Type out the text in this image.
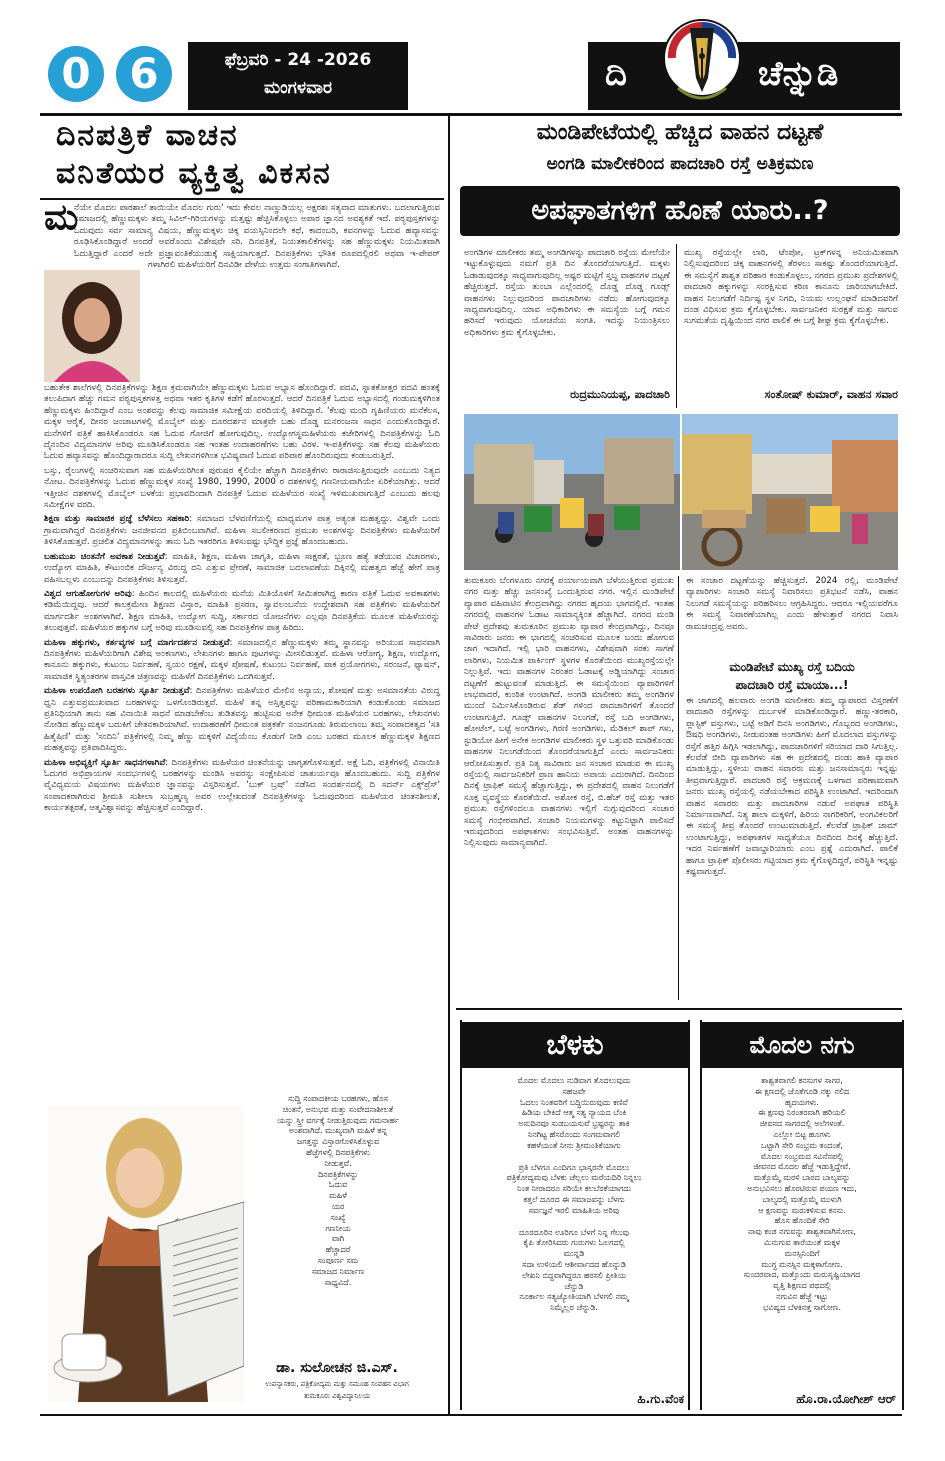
0 6	ಫೆಬ್ರವರಿ - 24 -2026
ಮಂಗಳವಾರ	ದಿ	ಚೆನ್ನುಡಿ
ದಿನಪತ್ರಿಕೆ ವಾಚನ
ವನಿತೆಯರ ವ್ಯಕ್ತಿತ್ವ ವಿಕಸನ
ಮ
ನೆಯೇ ಮೊದಲ ಪಾಠಶಾಲೆ ತಾಯಿಯೇ ಮೊದಲ ಗುರು' ಇದು ಕೇವಲ ನಾಣ್ಣುಡಿಯಲ್ಲ ಅಕ್ಷರಶಃ ಸತ್ಯವಾದ ಮಾತುಗಳು. ಬದಲಾಗುತ್ತಿರುವ ಸಮಾಜದಲ್ಲಿ ಹೆಣ್ಣುಮಕ್ಕಳು ತಮ್ಮ ಸಿವಿಲ್-ಗಿರಿಯಗಳನ್ನು ಮತ್ತಷ್ಟು ಹೆಚ್ಚಿಸಿಕೊಳ್ಳಲು ಅಪಾರ ಜ್ಞಾನದ ಅವಶ್ಯಕತೆ ಇದೆ. ಪಠ್ಯಪುಸ್ತಕಗಳನ್ನು ಓದುವುದು ಸರ್ವ ಸಾಮಾನ್ಯ ವಿಷಯ, ಹೆಣ್ಣುಮಕ್ಕಳು ಚಿಕ್ಕ ವಯಸ್ಸಿನಿಂದಲೇ ಕಥೆ, ಕಾದಂಬರಿ, ಕವನಗಳನ್ನು ಓದುವ ಹವ್ಯಾಸವನ್ನು ರೂಢಿಸಿಕೊಂಡಿದ್ದಾರೆ ಅಂದರೆ ಅವರೊಂದು ವಿಶೇಷವೇ ಸರಿ. ದಿನಪತ್ರಿಕೆ, ನಿಯತಕಾಲಿಕೆಗಳನ್ನು ಸಹ ಹೆಣ್ಣುಮಕ್ಕಳು ನಿಯಮಿತವಾಗಿ ಓದುತ್ತಿದ್ದಾರೆ ಎಂದರೆ ಅದೇ ಪ್ರಜ್ಞಾವಂತಿಕೆಯುಡುಕ್ಕೆ ಸಾಕ್ಷಿಯಾಗುತ್ತದೆ. ದಿನಪತ್ರಿಕೆಗಳು ಭೌತಿಕ ರೂಪದಲ್ಲಿರಲಿ ಅಥವಾ ಇ-ಪೇಪರ್ ಗಳಾಗಿರಲಿ ಮಹಿಳೆಯರಿಗೆ ದಿನವಿಡೀ ವೇಳೆಯ ಉತ್ತಮ ಸಂಗಾತಿಗಳಾಗಿವೆ.

ಬಹುತೇಕ ಶಾಲೆಗಳಲ್ಲಿ ದಿನಪತ್ರಿಕೆಗಳನ್ನು ಶಿಕ್ಷಣ ಕ್ರಮವಾಗಿಯೇ ಹೆಣ್ಣುಮಕ್ಕಳು ಓದುವ ಅಭ್ಯಾಸ ಹೊಂದಿದ್ದಾರೆ. ಪದವಿ, ಸ್ನಾತಕೋತ್ತರ ಪದವಿ ಹಂತಕ್ಕೆ ತಲುಪಿದಾಗ ಹೆಚ್ಚು ಗಮನ ಪಠ್ಯಪುಸ್ತಕಗಳತ್ತ ಅಥವಾ ಇತರ ಕೃತಿಗಳ ಕಡೆಗೆ ಹೊರಳುತ್ತದೆ. ಆದರೆ ದಿನಪತ್ರಿಕೆ ಓದುವ ಅಭ್ಯಾಸದಲ್ಲಿ ಗಂಡುಮಕ್ಕಳಿಗಿಂತ ಹೆಣ್ಣುಮಕ್ಕಳು ಹಿಂದಿದ್ದಾರೆ ಎಂಬ ಅಂಶವನ್ನು ಕೆಲವು ಸಾಮಾಜಿಕ ಸಮೀಕ್ಷೆಯ ವರದಿಯಲ್ಲಿ ತಿಳಿದಿದ್ದಾರೆ. 'ಕೆಲವು ಮಂದಿ ಗೃಹಿಣಿಯರು ಮನೆಕೆಲಸ, ಮಕ್ಕಳ ಆರೈಕೆ, ದೀನರ ಜಂಜಾಟಗಳಲ್ಲಿ ಮೊಬೈಲ್ ಮತ್ತು ದೂರದರ್ಶನ ಮಾತ್ರವೇ ಬಹು ದೊಡ್ಡ ಮನರಂಜನಾ ಸಾಧನ ಎಂದುಕೊಂಡಿದ್ದಾರೆ. ಮನೆಗಳಿಗೆ ಪತ್ರಿಕೆ ಹಾಕಿಸಿಕೊಂಡರೂ ಸಹ ಓದುವ ಗೋಜಿಗೆ ಹೋಗುವುದಿಲ್ಲ. ಉದ್ಯೋಗಸ್ಥಮಹಿಳೆಯರು ಕಚೇರಿಗಳಲ್ಲಿ ದಿನಪತ್ರಿಕೆಗಳನ್ನು ಓದಿ ದೈನಂದಿನ ವಿದ್ಯಮಾನಗಳ ಅರಿವು ಮೂಡಿಸಿಕೊಂಡರೂ ಸಹ ಇಂತಹ ಉದಾಹರಣೆಗಳು ಬಹು ವಿರಳ. ಇ-ಪತ್ರಿಕೆಗಳನ್ನು ಸಹ ಕೆಲವು ಮಹಿಳೆಯರು ಓದುವ ಹವ್ಯಾಸವನ್ನು ಹೊಂದಿದ್ದಾರಾದರೂ ಸುದ್ದಿ ಲೇಖನಗಳಿಗಿಂತ ಭವಿಷ್ಯವಾಣಿ ಓದುವ ಪರಿಪಾಠ ಹೊಂದಿರುವುದು ಕಂಡುಬರುತ್ತಿದೆ.

ಬಸ್ಸು, ರೈಲುಗಳಲ್ಲಿ ಸಂಚರಿಸುವಾಗ ಸಹ ಮಹಿಳೆಯರಿಗಿಂತ ಪುರುಷರ ಕೈಲಿಯೇ ಹೆಚ್ಚಾಗಿ ದಿನಪತ್ರಿಕೆಗಳು ರಾರಾಜಿಸುತ್ತಿರುವುದೇ ಎಂಬುದು ನಿತ್ಯದ ನೋಟ. ದಿನಪತ್ರಿಕೆಗಳನ್ನು ಓದುವ ಹೆಣ್ಣುಮಕ್ಕಳ ಸಂಖ್ಯೆ 1980, 1990, 2000 ರ ದಶಕಗಳಲ್ಲಿ ಗಣನೀಯವಾಗಿಯೇ ಏರಿಕೆಯಾಗಿತ್ತು. ಆದರೆ ಇತ್ತೀಚಿನ ದಶಕಗಳಲ್ಲಿ ಮೊಬೈಲ್ ಬಳಕೆಯ ಪ್ರಭಾವದಿಂದಾಗಿ ದಿನಪತ್ರಿಕೆ ಓದುವ ಮಹಿಳೆಯರ ಸಂಖ್ಯೆ ಇಳಿಮುಖವಾಗುತ್ತಿದೆ ಎಂಬುದು ಹಲವು ಸಮೀಕ್ಷೆಗಳ ವರದಿ.

ಶಿಕ್ಷಣ ಮತ್ತು ಸಾಮಾಜಿಕ ಪ್ರಜ್ಞೆ ಬೆಳೆಸಲು ಸಹಕಾರಿ: ಸಮಾಜದ ಬೆಳವಣಿಗೆಯಲ್ಲಿ ಮಾಧ್ಯಮಗಳ ಪಾತ್ರ ಅತ್ಯಂತ ಮಹತ್ವದ್ದು. ವಿಶ್ವವೇ ಒಂದು ಗ್ರಾಮವಾಗಿದ್ದರೆ ದಿನಪತ್ರಿಕೆಗಳು ಜನಜೀವನದ ಪ್ರತಿಬಿಂಬವಾಗಿವೆ. ಮಹಿಳಾ ಸಬಲೀಕರಣದ ಪ್ರಮುಖ ಅಂಶಗಳನ್ನು ದಿನಪತ್ರಿಕೆಗಳು ಮಹಿಳೆಯರಿಗೆ ತಿಳಿಸಿಕೊಡುತ್ತವೆ. ಪ್ರಚಲಿತ ವಿದ್ಯಮಾನಗಳನ್ನು ತಾನು ಓದಿ ಇತರರಿಗೂ ತಿಳಿಸುವಷ್ಟು ಭೌದ್ಧಿಕ ಪ್ರಜ್ಞೆ ಹೊಂದಬಹುದು.

ಬಹುಮುಖ ಚಿಂತನೆಗೆ ಅವಕಾಶ ನೀಡುತ್ತವೆ: ಮಾಹಿತಿ, ಶಿಕ್ಷಣ, ಮಹಿಳಾ ಜಾಗೃತಿ, ಮಹಿಳಾ ಸಾಕ್ಷರತೆ, ಭ್ರೂಣ ಹತ್ಯೆ ತಡೆಯುವ ವಿಚಾರಗಳು, ಉದ್ಯೋಗ ಮಾಹಿತಿ, ಕೌಟುಂಬಿಕ ದೌರ್ಜನ್ಯ ವಿರುದ್ಧ ದನಿ ಎತ್ತುವ ಪ್ರೇರಣೆ, ಸಾಮಾಜಿಕ ಬದಲಾವಣೆಯ ದಿಕ್ಕಿನಲ್ಲಿ ಮಹತ್ವದ ಹೆಜ್ಜೆ ಹೇಗೆ ಪಾತ್ರ ವಹಿಸಬಲ್ಲಳು ಎಂಬುದನ್ನು ದಿನಪತ್ರಿಕೆಗಳು ತಿಳಿಸುತ್ತವೆ.

ವಿಶ್ವದ ಆಗುಹೋಗುಗಳ ಅರಿವು: ಹಿಂದಿನ ಕಾಲದಲ್ಲಿ ಮಹಿಳೆಯರು ಮನೆಯ ಮಿತಿಯೊಳಗೆ ಸೀಮಿತರಾಗಿದ್ದ ಕಾರಣ ಪತ್ರಿಕೆ ಓದುವ ಅವಕಾಶಗಳು ಕಡಿಮೆಯಿದ್ದವು. ಆದರೆ ಕಾಲಕ್ರಮೇಣ ಶಿಕ್ಷಣದ ವಿಸ್ತಾರ, ಮಾಹಿತಿ ಪ್ರಸರಣ, ಸ್ವಾವಲಂಬನೆಯ ಉದ್ದೇಶವಾಗಿ ಸಹ ಪತ್ರಿಕೆಗಳು ಮಹಿಳೆಯರಿಗೆ ಮಾರ್ಗದರ್ಶಿ ಅಂಶಗಳಾಗಿವೆ. ಶಿಕ್ಷಣ ಮಾಹಿತಿ, ಉದ್ಯೋಗ ಸುದ್ದಿ, ಸರ್ಕಾರದ ಯೋಜನೆಗಳು ಎಲ್ಲವೂ ದಿನಪತ್ರಿಕೆಯ ಮೂಲಕ ಮಹಿಳೆಯರನ್ನು ತಲುಪುತ್ತವೆ. ಮಹಿಳೆಯರ ಹಕ್ಕುಗಳ ಬಗ್ಗೆ ಅರಿವು ಮೂಡಿಸುವಲ್ಲಿ ಸಹ ದಿನಪತ್ರಿಕೆಗಳ ಪಾತ್ರ ಹಿರಿದು.

ಮಹಿಳಾ ಹಕ್ಕುಗಳು, ಕರ್ತವ್ಯಗಳ ಬಗ್ಗೆ ಮಾರ್ಗದರ್ಶನ ನೀಡುತ್ತವೆ: ಸಮಾಜದಲ್ಲಿನ ಹೆಣ್ಣುಮಕ್ಕಳು ತಮ್ಮ ಸ್ಥಾನವನ್ನು ಅರಿಯುವ ಸಾಧನವಾಗಿ ದಿನಪತ್ರಿಕೆಗಳು ಮಹಿಳೆಯರಿಗಾಗಿ ವಿಶೇಷ ಅಂಕಣಗಳು, ಲೇಖನಗಳು ಹಾಗೂ ಪುಟಗಳನ್ನು ಮೀಸಲಿಡುತ್ತವೆ. ಮಹಿಳಾ ಆರೋಗ್ಯ, ಶಿಕ್ಷಣ, ಉದ್ಯೋಗ, ಕಾನೂನು ಹಕ್ಕುಗಳು, ಕುಟುಂಬ ನಿರ್ವಹಣೆ, ಸ್ವಯಂ ರಕ್ಷಣೆ, ಮಕ್ಕಳ ಪೋಷಣೆ, ಕುಟುಂಬ ನಿರ್ವಹಣೆ, ಪಾಕ ಪ್ರಯೋಗಗಳು, ಸರಂಜನೆ, ಫ್ಯಾಷನ್, ಸಾಮಾಜಿಕ ಸ್ಥಿತ್ಯಂತರಗಳ ವಾಸ್ತವಿಕ ಚಿತ್ರಣವನ್ನು ಮಹಿಳೆಗೆ ದಿನಪತ್ರಿಕೆಗಳು ಒದಗಿಸುತ್ತವೆ.

ಮಹಿಳಾ ಉಪಯೋಗಿ ಬರಹಗಳು ಸ್ಫೂರ್ತಿ ನೀಡುತ್ತವೆ: ದಿನಪತ್ರಿಕೆಗಳು ಮಹಿಳೆಯರ ಮೇಲಿನ ಅನ್ಯಾಯ, ಶೋಷಣೆ ಮತ್ತು ಅಸಮಾನತೆಯ ವಿರುದ್ಧ ಧ್ವನಿ ಎತ್ತುವಪ್ರಮುಖವಾದ ಬರಹಗಳನ್ನು ಒಳಗೊಂಡಿರುತ್ತವೆ. ಮಹಿಳೆ ತನ್ನ ಅಸ್ತಿತ್ವವನ್ನು ಪರಿಣಾಮಕಾರಿಯಾಗಿ ಕಂಡುಕೊಂಡು ಸಮಾಜದ ಪ್ರತಿನಿಧಿಯಾಗಿ ತಾನು ಸಹ ವಿನಾಯಿತಿ ಸಾಧನೆ ಮಾಡಬೇಕೆಂಬ ತುಡಿತವನ್ನು ಹುಟ್ಟಿಸುವ ಅನೇಕ ಧೀಮಂತ ಮಹಿಳೆಯರ ಬರಹಗಳು, ಲೇಖನಗಳು ನೋಡಿದ ಹೆಣ್ಣುಮಕ್ಕಳ ಬದುಕಿಗೆ ಚೇತನಕಾರಿಯಾಗಿವೆ. ಉದಾಹರಣೆಗೆ ಧೀಮಂತ ಪತ್ರಕರ್ತೆ ನಂಜನಗೂಡು ತಿರುಮಲಾಂಬ ತಮ್ಮ ಸಂಪಾದಕತ್ವದ 'ಸತಿ ಹಿತೈಷಿಣಿ' ಮತ್ತು 'ಸಂದಿನಿ' ಪತ್ರಿಕೆಗಳಲ್ಲಿ ನಿಮ್ಮ ಹೆಣ್ಣು ಮಕ್ಕಳಿಗೆ ವಿದ್ಯೆಯೆಂಬ ಕೊಡುಗೆ ನೀಡಿ ಎಂಬ ಬರಹದ ಮೂಲಕ ಹೆಣ್ಣುಮಕ್ಕಳ ಶಿಕ್ಷಣದ ಮಹತ್ವವನ್ನು ಪ್ರತಿಪಾದಿಸಿದ್ದರು.

ಮಹಿಳಾ ಅಭಿವ್ಯಕ್ತಿಗೆ ಸ್ಫೂರ್ತಿ ಸಾಧನಗಳಾಗಿವೆ: ದಿನಪತ್ರಿಕೆಗಳು ಮಹಿಳೆಯರ ಚಿಂತನೆಯನ್ನು ಜಾಗೃತಗೊಳಿಸುತ್ತವೆ. ಅಕ್ಷೆ ಓದಿ, ಪತ್ರಿಕೆಗಳಲ್ಲಿ ವಿನಾಯಿತಿ ಓದುಗರ ಅಭಿಪ್ರಾಯಗಳ ಸಂದರ್ಭಗಳಲ್ಲಿ ಬರಹಗಳನ್ನು ಮಂಡಿಸಿ ಅವರನ್ನು ಸಂಕ್ಷೇಪಿಸುವ ಚಾತುರ್ಯವೂ ಹೊಂದಬಹುದು. ಸುದ್ದಿ ಪತ್ರಿಕೆಗಳ ವೈವಿಧ್ಯಮಯ ವಿಷಯಗಳು ಮಹಿಳೆಯರ ಜ್ಞಾನವನ್ನು ವಿಸ್ತರಿಸುತ್ತವೆ. 'ಬುಕ್ ಬ್ರಷ್' ನಡೆಸಿದ ಸಂದರ್ಶನದಲ್ಲಿ ದಿ ಸದರ್ನ್ ಎಕ್ಸ್‌ಪ್ರೆಸ್' ಸಂಪಾದಕರಾಗಿರುವ ಶ್ರೀಮತಿ ಸುಶೀಲಾ ಸುಬ್ರಹ್ಮಣ್ಯ ಅವರ ಉಲ್ಲೇಖದಂತೆ ದಿನಪತ್ರಿಕೆಗಳನ್ನು ಓದುವುದರಿಂದ ಮಹಿಳೆಯರ ಚಿಂತನಶೀಲತೆ, ಕಾರ್ಯತತ್ಪರತೆ, ಆತ್ಮವಿಶ್ವಾಸವನ್ನು ಹೆಚ್ಚಿಸುತ್ತವೆ ಎಂದಿದ್ದಾರೆ.

ಸುದ್ದಿ ಸಂಪಾದಕೀಯ ಬರಹಗಳು, ಹೊಸ
ಚಿಂತನೆ, ಅನುಭವ ಮತ್ತು ಸಂವೇದನಾಶೀಲತೆ
ಯನ್ನು ಸ್ತ್ರೀ ವರ್ಗಕ್ಕೆ ನೀಡುತ್ತಿರುವುದು ಗಮನಾರ್ಹ
ಅಂಶವಾಗಿದೆ. ಮುಖ್ಯವಾಗಿ ಮಹಿಳೆ ತನ್ನ
ಜಗತ್ತನ್ನು ವಿಸ್ತಾರಗೊಳಿಸಿಕೊಳ್ಳುವ
ಹೆಜ್ಜೆಗಳಲ್ಲಿ ದಿನಪತ್ರಿಕೆಗಳು
ನೀಡುತ್ತವೆ.
ದಿನಪತ್ರಿಕೆಗಳನ್ನು
ಓದುವ
ಮಹಿಳೆ
ಯರ
ಸಂಖ್ಯೆ
ಗಣನೀಯ
ವಾಗಿ
ಹೆಚ್ಚಾದರೆ
ಸಂಪೂರ್ಣ ಸಮ
ಸಮಾಜದ ನಿರ್ಮಾಣ
ಸಾಧ್ಯವಿದೆ.
ಡಾ. ಸುಲೋಚನ ಜಿ.ಎಸ್.
ಉಪನ್ಯಾಸಕರು, ಪತ್ರಿಕೋದ್ಯಮ ಮತ್ತು ಸಮೂಹ ಸಂವಹನ ವಿಭಾಗ
ತುಮಕೂರು ವಿಶ್ವವಿದ್ಯಾನಿಲಯ
ಮಂಡಿಪೇಟೆಯಲ್ಲಿ ಹೆಚ್ಚಿದ ವಾಹನ ದಟ್ಟಣೆ
ಅಂಗಡಿ ಮಾಲೀಕರಿಂದ ಪಾದಚಾರಿ ರಸ್ತೆ ಅತಿಕ್ರಮಣ
ಅಪಘಾತಗಳಿಗೆ ಹೊಣೆ ಯಾರು..?
ಅಂಗಡಿಗಳ ಮಾಲೀಕರು ತಮ್ಮ ಅಂಗಡಿಗಳನ್ನು ಪಾದಚಾರಿ ರಸ್ತೆಯ ಮೇಲೆಯೇ ಇಟ್ಟುಕೊಳ್ಳುವುದು ನಮಗೆ ಪ್ರತಿ ದಿನ ತೊಂದರೆಯಾಗುತ್ತಿದೆ. ಮಕ್ಕಳು ಓಡಾಡುವುದಕ್ಕೂ ಸಾಧ್ಯವಾಗುವುದಿಲ್ಲ ಅಷ್ಟರ ಮಟ್ಟಿಗೆ ಸ್ತಬ್ಧ ವಾಹನಗಳ ದಟ್ಟಣೆ ಹೆಚ್ಚಿರುತ್ತದೆ. ರಸ್ತೆಯ ತುಂಬಾ ಎಲ್ಲೆಂದರಲ್ಲಿ ದೊಡ್ಡ ದೊಡ್ಡ ಗೂಡ್ಸ್ ವಾಹನಗಳು ನಿಲ್ಲುವುದರಿಂದ ಪಾದಚಾರಿಗಳು ನಡೆದು ಹೋಗುವುದಕ್ಕೂ ಸಾಧ್ಯವಾಗುವುದಿಲ್ಲ. ಯಾವ ಅಧಿಕಾರಿಗಳು ಈ ಸಮಸ್ಯೆಯ ಬಗ್ಗೆ ಗಮನ ಹರಿಸದೆ ಇರುವುದು ಯೋಚನೆಯ ಸಂಗತಿ. ಇದನ್ನು ನಿಯಂತ್ರಿಸಲು ಅಧಿಕಾರಿಗಳು ಕ್ರಮ ಕೈಗೊಳ್ಳಬೇಕು.
ರುದ್ರಮುನಿಯಪ್ಪ, ಪಾದಚಾರಿ
ಮುಖ್ಯ ರಸ್ತೆಯಲ್ಲೇ ಲಾರಿ, ಟೆಂಪೋ, ಟ್ರಕ್‌ಗಳನ್ನ ಅನಿಯಮಿತವಾಗಿ ನಿಲ್ಲಿಸುವುದರಿಂದ ಚಿಕ್ಕ ವಾಹನಗಳಲ್ಲಿ ತೆರಳಲು ಸಾಕಷ್ಟು ತೊಂದರೆಯಾಗುತ್ತಿದೆ. ಈ ಸಮಸ್ಯೆಗೆ ಶಾಶ್ವತ ಪರಿಹಾರ ಕಂಡುಕೊಳ್ಳಲು, ನಗರದ ಪ್ರಮುಖ ಪ್ರದೇಶಗಳಲ್ಲಿ ಪಾದಚಾರಿ ಹಕ್ಕುಗಳನ್ನು ಸಂರಕ್ಷಿಸುವ ಕಠಿಣ ಕಾನೂನು ಜಾರಿಯಾಗಬೇಕಿದೆ. ವಾಹನ ನಿಲುಗಡೆಗೆ ನಿರ್ದಿಷ್ಟ ಸ್ಥಳ ನಿಗದಿ, ನಿಯಮ ಉಲ್ಲಂಘನೆ ಮಾಡಿದವರಿಗೆ ದಂಡ ವಿಧಿಸುವ ಕ್ರಮ ಕೈಗೊಳ್ಳಬೇಕು. ಸಾರ್ವಜನಿಕರ ಸುರಕ್ಷತೆ ಮತ್ತು ಸಾಗುವ ಸುಗಮತೆಯ ದೃಷ್ಟಿಯಿಂದ ನಗರ ಪಾಲಿಕೆ ಈ ಬಗ್ಗೆ ಶೀಘ್ರ ಕ್ರಮ ಕೈಗೊಳ್ಳಬೇಕು.
ಸಂತೋಷ್ ಕುಮಾರ್, ವಾಹನ ಸವಾರ
ತುಮಕೂರು ಬೆಂಗಳೂರು ನಗರಕ್ಕೆ ಪರ್ಯಾಯವಾಗಿ ಬೆಳೆಯುತ್ತಿರುವ ಪ್ರಮುಖ ನಗರ ಮತ್ತು ಹೆಚ್ಚು ಜನಸಂಖ್ಯೆ ಒಂದುತ್ತಿರುವ ನಗರ. ಇಲ್ಲಿನ ಮಂಡಿಪೇಟೆ ವ್ಯಾಪಾರ ವಹಿವಾಟಿನ ಕೇಂದ್ರವಾಗಿದ್ದು ನಗರದ ಹೃದಯ ಭಾಗದಲ್ಲಿದೆ. ಇಂತಹ ನಗರದಲ್ಲಿ ವಾಹನಗಳ ಓಡಾಟ ಸಾಮಾನ್ಯಕ್ಕಿಂತ ಹೆಚ್ಚಾಗಿದೆ. ನಗರದ ಮಂಡಿ ಪೇಟೆ ಪ್ರದೇಶವು ತುಮಕೂರಿನ ಪ್ರಮುಖ ವ್ಯಾಪಾರ ಕೇಂದ್ರವಾಗಿದ್ದು, ದಿನವೂ ಸಾವಿರಾರು ಜನರು ಈ ಭಾಗದಲ್ಲಿ ಸಂಚರಿಸುವ ಮೂಲಕ ಬಂದು ಹೋಗುವ ಜಾಗ ಇದಾಗಿದೆ. ಇಲ್ಲಿ ಭಾರಿ ವಾಹನಗಳು, ವಿಶೇಷವಾಗಿ ಸರಕು ಸಾಗಣೆ ಲಾರಿಗಳು, ನಿಯಮಿತ ಪಾರ್ಕಿಂಗ್ ಸ್ಥಳಗಳ ಕೊರತೆಯಿಂದ ಮುಖ್ಯರಸ್ತೆಯಲ್ಲೇ ನಿಲ್ಲುತ್ತಿವೆ. ಇದು ವಾಹನಗಳ ನಿರಂತರ ಓಡಾಟಕ್ಕೆ ಅಡ್ಡಿಯಾಗಿದ್ದು ಸಂಚಾರ ದಟ್ಟಣೆಗೆ ಹುಟ್ಟುವಂತೆ ಮಾಡುತ್ತಿದೆ. ಈ ಸಮಸ್ಯೆಯಿಂದ ವ್ಯಾಪಾರಿಗಳಿಗೆ ಲಾಭವಾದರೆ, ಕುಂಠಿತ ಉಂಟಾಗಿದೆ. ಅಂಗಡಿ ಮಾಲೀಕರು ತಮ್ಮ ಅಂಗಡಿಗಳ ಮುಂದೆ ನಿರ್ಮಿಸಿಕೊಂಡಿರುವ ಶೆಡ್ ಗಳಿಂದ ಪಾದಚಾರಿಗಳಿಗೆ ತೊಂದರೆ ಉಂಟಾಗುತ್ತಿದೆ. ಗೂಡ್ಸ್ ವಾಹನಗಳ ನಿಲುಗಡೆ, ರಸ್ತೆ ಬದಿ ಅಂಗಡಿಗಳು, ಹೋಟೆಲ್, ಬಟ್ಟೆ ಅಂಗಡಿಗಳು, ಗಿರಣಿ ಅಂಗಡಿಗಳು, ಮೆಡಿಕಲ್ ಶಾಪ್ ಗಳು, ಸ್ಟುಡಿಯೋ ಹೀಗೆ ಅನೇಕ ಅಂಗಡಿಗಳ ಮಾಲೀಕರು ಸ್ಥಳ ಒತ್ತುವರಿ ಮಾಡಿಕೊಂಡು ವಾಹನಗಳ ನಿಲುಗಡೆಯಿಂದ ತೊಂದರೆಯಾಗುತ್ತಿದೆ ಎಂದು ಸಾರ್ವಜನಿಕರು ಆರೋಪಿಸುತ್ತಾರೆ. ಪ್ರತಿ ನಿತ್ಯ ಸಾವಿರಾರು ಜನ ಸಂಚಾರ ಮಾಡುವ ಈ ಮುಖ್ಯ ರಸ್ತೆಯಲ್ಲಿ ಸಾರ್ವಜನಿಕರಿಗೆ ಪ್ರಾಣ ಹಾನಿಯ ಅಪಾಯ ಎದುರಾಗಿದೆ. ದಿನದಿಂದ ದಿನಕ್ಕೆ ಟ್ರಾಫಿಕ್ ಸಮಸ್ಯೆ ಹೆಚ್ಚಾಗುತ್ತಿದ್ದು, ಈ ಪ್ರದೇಶದಲ್ಲಿ ವಾಹನ ನಿಲುಗಡೆಗೆ ಸೂಕ್ತ ವ್ಯವಸ್ಥೆಯ ಕೊರತೆಯಿದೆ. ಅಶೋಕ ರಸ್ತೆ, ಬಿ.ಹೆಚ್ ರಸ್ತೆ ಮತ್ತು ಇತರ ಪ್ರಮುಖ ರಸ್ತೆಗಳಿಂದಲೂ ವಾಹನಗಳು ಇಲ್ಲಿಗೆ ನುಗ್ಗುವುದರಿಂದ ಸಂಚಾರ ಸಮಸ್ಯೆ ಗಂಭೀರವಾಗಿದೆ. ಸಂಚಾರಿ ನಿಯಮಗಳನ್ನು ಕಟ್ಟುನಿಟ್ಟಾಗಿ ಪಾಲಿಸದೆ ಇರುವುದರಿಂದ ಅಪಘಾತಗಳು ಸಂಭವಿಸುತ್ತಿವೆ. ಅಂತಹ ವಾಹನಗಳನ್ನು ನಿಲ್ಲಿಸುವುದು ಸಾಮಾನ್ಯವಾಗಿದೆ.
ಈ ಸಂಚಾರ ದಟ್ಟಣೆಯನ್ನು ಹೆಚ್ಚಿಸುತ್ತದೆ. 2024 ರಲ್ಲಿ, ಮಂಡಿಪೇಟೆ ವ್ಯಾಪಾರಿಗಳು ಸಂಚಾರಿ ಸಮಸ್ಯೆ ನಿವಾರಿಸಲು ಪ್ರತಿಭಟನೆ ನಡೆಸಿ, ವಾಹನ ನಿಲುಗಡೆ ಸಮಸ್ಯೆಯನ್ನು ಪರಿಹರಿಸಲು ಆಗ್ರಹಿಸಿದ್ದರು. ಆದರೂ ಇಲ್ಲಿಯವರೆಗೂ ಈ ಸಮಸ್ಯೆ ನಿವಾರಣೆಯಾಗಿಲ್ಲ ಎಂದು ಹೇಳುತ್ತಾರೆ ನಗರದ ನಿವಾಸಿ ರಾಮಚಂದ್ರಪ್ಪ ಅವರು.
ಮಂಡಿಪೇಟೆ ಮುಖ್ಯ ರಸ್ತೆ ಬದಿಯ
ಪಾದಚಾರಿ ರಸ್ತೆ ಮಾಯಾ...!
ಈ ಜಾಗದಲ್ಲಿ ಹಲವಾರು ಅಂಗಡಿ ಮಾಲೀಕರು ತಮ್ಮ ವ್ಯಾಪಾರದ ವಿಸ್ತರಣೆಗೆ ಪಾದಚಾರಿ ರಸ್ತೆಗಳನ್ನು ದುರ್ಬಳಕೆ ಮಾಡಿಕೊಂಡಿದ್ದಾರೆ. ಹಣ್ಣು-ತರಕಾರಿ, ಪ್ಲಾಸ್ಟಿಕ್ ವಸ್ತುಗಳು, ಬಟ್ಟೆ ಅಡಿಗೆ ದಿನಸಿ ಅಂಗಡಿಗಳು, ಗೊಬ್ಬರದ ಅಂಗಡಿಗಳು, ಔಷಧಿ ಅಂಗಡಿಗಳು, ನೀಡುವಂತಹ ಅಂಗಡಿಗಳು ಹೀಗೆ ಮೊದಲಾದ ವಸ್ತುಗಳನ್ನು ರಸ್ತೆಗೆ ಹತ್ತಿರ ಹಿಗ್ಗಿಸಿ ಇಡಲಾಗಿದ್ದು, ಪಾದಚಾರಿಗಳಿಗೆ ಸರಿಯಾದ ದಾರಿ ಸಿಗುತ್ತಿಲ್ಲ. ಕೆಲವೆಡೆ ಬೀದಿ ವ್ಯಾಪಾರಿಗಳು ಸಹ ಈ ಪ್ರದೇಶದಲ್ಲಿ ದಂಡು ಹಾಕಿ ವ್ಯಾಪಾರ ಮಾಡುತ್ತಿದ್ದು, ಸ್ಥಳೀಯ ವಾಹನ ಸವಾರರು ಮತ್ತು ಜನಸಾಮಾನ್ಯರು ಇನ್ನಷ್ಟು ತೀವ್ರವಾಗುತ್ತಿದ್ದಾರೆ. ಪಾದಚಾರಿ ರಸ್ತೆ ಆಕ್ರಮಣಕ್ಕೆ ಒಳಗಾದ ಪರಿಣಾಮವಾಗಿ ಜನರು ಮುಖ್ಯ ರಸ್ತೆಯಲ್ಲಿ ನಡೆಯಬೇಕಾದ ಪರಿಸ್ಥಿತಿ ಉಂಟಾಗಿದೆ. ಇದರಿಂದಾಗಿ ವಾಹನ ಸವಾರರು ಮತ್ತು ಪಾದಚಾರಿಗಳ ನಡುವೆ ಅಪಘಾತ ಪರಿಸ್ಥಿತಿ ನಿರ್ಮಾಣವಾಗಿದೆ. ನಿತ್ಯ ಶಾಲಾ ಮಕ್ಕಳಿಗೆ, ಹಿರಿಯ ನಾಗರಿಕರಿಗೆ, ಅಂಗವಿಕಲರಿಗೆ ಈ ಸಮಸ್ಯೆ ತೀವ್ರ ತೊಂದರೆ ಉಂಟುಮಾಡುತ್ತಿದೆ. ಕೆಲವೆಡೆ ಟ್ರಾಫಿಕ್ ಜಾಮ್ ಉಂಟಾಗುತ್ತಿದ್ದು, ಅಪಘಾತಗಳ ಸಾಧ್ಯತೆಯೂ ದಿನದಿಂದ ದಿನಕ್ಕೆ ಹೆಚ್ಚುತ್ತಿದೆ. ಇದರ ನಿರ್ವಹಣೆಗೆ ಜವಾಬ್ದಾರಿಯಾರು ಎಂಬ ಪ್ರಶ್ನೆ ಎದುರಾಗಿದೆ. ಪಾಲಿಕೆ ಹಾಗೂ ಟ್ರಾಫಿಕ್ ಪೊಲೀಸರು ಗಟ್ಟಿಯಾದ ಕ್ರಮ ಕೈಗೊಳ್ಳದಿದ್ದರೆ, ಪರಿಸ್ಥಿತಿ ಇನ್ನಷ್ಟು ಕಷ್ಟವಾಗುತ್ತದೆ.
ಬೆಳಕು
ಮೊದಲ ಮೊದಲು ನುಡಿವಾಗ ತೊದಲುವುದು
ಸಹಜವೇ
ಓದಲು ನಿಂತವರಿಗೆ ಬದ್ಧಿಯಿರುವುದು ಕಣಿವೆ
ಹಿಡಿಯ ಬೇಕಿದೆ ಆತ್ಮ ಸತ್ಯ ನ್ಯಾಯದ ಬೆಂಕಿ
ಅನುದಿನವೂ ಸುಡಬಯಸುವೆ ಭ್ರಷ್ಟರನ್ನು ತಾಕಿ
ನಿನಗಿಟ್ಟ ಹೆಸರೊಂದು ಸಂಗಮವಾಗಲಿ
ಕಹಳೆಯಂತೆ ನೀನು ಶ್ರೀಮಂತಿಕೆಯಾಗು
ಪ್ರತಿ ಬೆಳಗೂ ಎಂದಿಗೂ ಭಾಸ್ಕರನೇ ಮೊದಲು
ಪತ್ರಿಕೋದ್ಯಮವು ಬೆಳಕು ಚೆಲ್ಲಲು ಮರೆಯದಿರಿ ನಿನ್ನಲು
ನಿಂತ ನೀರಾದರೂ ಸರಿಯೇ ಕಲಬೆರಕೆಯಾಗದು
ಕತ್ತಲೆ ದೂರದ ಈ ಸಮಾಜವನ್ನು ಬೆಳಗು
ಸರ್ವಜ್ಞನೆ ಇರಲಿ ಮಾಹಿತಿಯ ಅರಿವು
ದೂರದೂರಿನ ಊರಿಗೂ ಬೆಳಗೆ ನಿನ್ನ ಗೆಲುವು
ಕೈಪಿ ತೋರಿಸಿದರು ಗುರುಗಳು ಓಲಗದಲ್ಲಿ
ಮುನ್ನಡಿ
ಸದಾ ಉಳಿಯಲಿ ಆಶೀರ್ವಾದದ ಹೊನ್ನುಡಿ
ಲೇಖನಿ ಬಿದ್ದವಾಗಿದ್ದರೂ ಹರಸಲಿ ಪ್ರೀತಿಯ
ಚೆನ್ನುಡಿ
ನೂರ್ಕಾಲ ಸತ್ಯಜ್ಯೋತಿಯಾಗಿ ಬೆಳಗಲಿ ನಮ್ಮ
ನಿಮ್ಮೆಲ್ಲರ ಚೆನ್ನುಡಿ.
ಹಿ.ಗು.ವೆಂಕ
ಮೊದಲ ನಗು
ಶಾಶ್ವತವಾಗಲಿ ಕನಸುಗಳ ಸಾಗರ,
ಈ ಕ್ಷಣದಲ್ಲಿ ಜೊತೆಗೂಡಿ ನಕ್ಕು ನಲಿದ
ಹೃದಯಗಳು.
ಈ ಕ್ಷಣವು ನಿರಂತರವಾಗಿ ಹರಿಯಲಿ
ಜೀವನದ ಸಾಗರದಲ್ಲಿ ಅಲೆಗಳಂತೆ.
ಎಲ್ಲೋ ಬಿಟ್ಟ ಹೂಗಳು
ಒಟ್ಟಾಗಿ ಸೇರಿ ಸಂಭ್ರಮ ತಂದಂತೆ,
ಮೊದಲ ಸಂಭ್ರಮದ ಸವಿನೆನಪಲ್ಲಿ
ಜೀವನದ ಮೊದಲ ಹೆಜ್ಜೆ ಇಡುತ್ತಿದ್ದೇವೆ.
ಮತ್ತೊಮ್ಮೆ ಮರಳಿ ಬಾರದ ಬಾಲ್ಯವನ್ನು
ಅನುಭವಿಸಲು ಹೊರಟಿರುವ ಪಯಣ ಇದು,
ಬಾಲ್ಯದಲ್ಲಿ ಮತ್ತೊಮ್ಮೆ ಮುಳುಗಿ
ಆ ಕ್ಷಣವನ್ನು ಮರುಕಳಿಸುವ ಕನಸು.
ಹೊಸ ಹೊಂದಿಕೆ ಸೇರಿ
ನಾವು ಕಂಡ ನಗುವನ್ನು ಶಾಶ್ವತವಾಗಿಸೋಣ,
ಮಿನುಗುವ ತಾರೆಯಂತೆ ಮಕ್ಕಳ
ಮನಸ್ಸಿನಿಂದಿಗೆ
ಮುಗ್ಧ ಮನಸ್ಸಿನ ಮಕ್ಕಳಾಗೋಣ.
ಸುಂದರವಾದ, ಮತ್ತೊಂದು ಮರುಸೃಷ್ಟಿಯಾಗದ
ವೃತ್ತಿ ಶಿಕ್ಷಣದ ಪಥದಲ್ಲಿ
ನಗುವಿನ ಹೆಜ್ಜೆ ಇಟ್ಟು
ಭವಿಷ್ಯದ ಬೆಳಕಿನತ್ತ ಸಾಗೋಣ.
ಹೊ.ರಾ.ಯೋಗೀಶ್ ಆರ್
